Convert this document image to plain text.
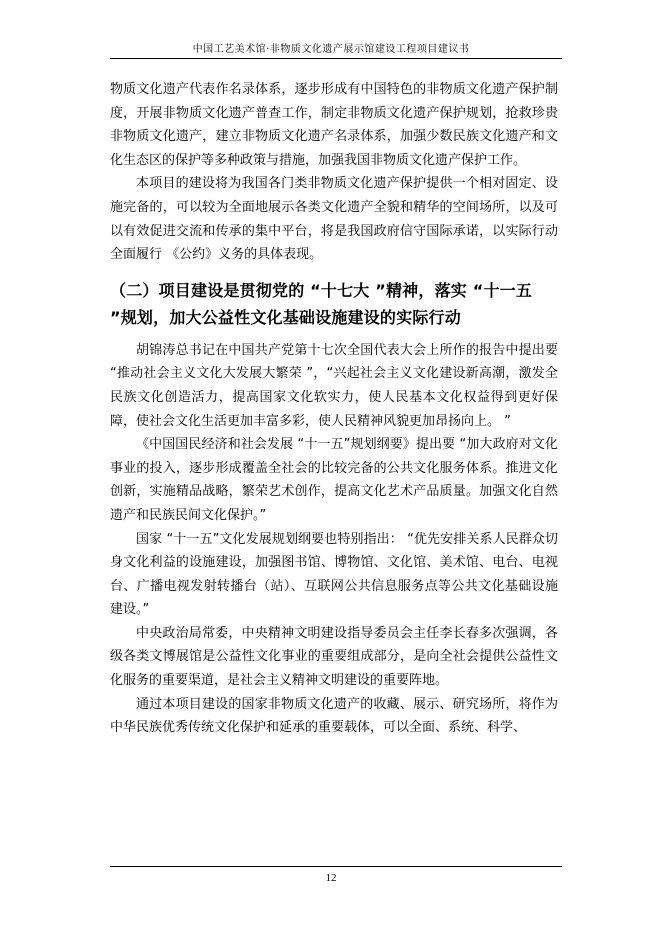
中国工艺美术馆·非物质文化遗产展示馆建设工程项目建议书

物质文化遗产代表作名录体系，逐步形成有中国特色的非物质文化遗产保护制度，开展非物质文化遗产普查工作，制定非物质文化遗产保护规划，抢救珍贵非物质文化遗产，建立非物质文化遗产名录体系，加强少数民族文化遗产和文化生态区的保护等多种政策与措施，加强我国非物质文化遗产保护工作。

本项目的建设将为我国各门类非物质文化遗产保护提供一个相对固定、设施完备的，可以较为全面地展示各类文化遗产全貌和精华的空间场所，以及可以有效促进交流和传承的集中平台，将是我国政府信守国际承诺，以实际行动全面履行 《公约》义务的具体表现。

（二）项目建设是贯彻党的 “十七大 ”精神，落实 “十一五 ”规划，加大公益性文化基础设施建设的实际行动

胡锦涛总书记在中国共产党第十七次全国代表大会上所作的报告中提出要 “推动社会主义文化大发展大繁荣 ”，“兴起社会主义文化建设新高潮，激发全民族文化创造活力，提高国家文化软实力，使人民基本文化权益得到更好保障，使社会文化生活更加丰富多彩，使人民精神风貌更加昂扬向上。 ”

《中国国民经济和社会发展 “十一五”规划纲要》提出要 “加大政府对文化事业的投入，逐步形成覆盖全社会的比较完备的公共文化服务体系。推进文化创新，实施精品战略，繁荣艺术创作，提高文化艺术产品质量。加强文化自然遗产和民族民间文化保护。”

国家 “十一五”文化发展规划纲要也特别指出： “优先安排关系人民群众切身文化利益的设施建设，加强图书馆、博物馆、文化馆、美术馆、电台、电视台、广播电视发射转播台（站）、互联网公共信息服务点等公共文化基础设施建设。”

中央政治局常委，中央精神文明建设指导委员会主任李长春多次强调，各级各类文博展馆是公益性文化事业的重要组成部分，是向全社会提供公益性文化服务的重要渠道，是社会主义精神文明建设的重要阵地。

通过本项目建设的国家非物质文化遗产的收藏、展示、研究场所，将作为中华民族优秀传统文化保护和延承的重要载体，可以全面、系统、科学、

12
